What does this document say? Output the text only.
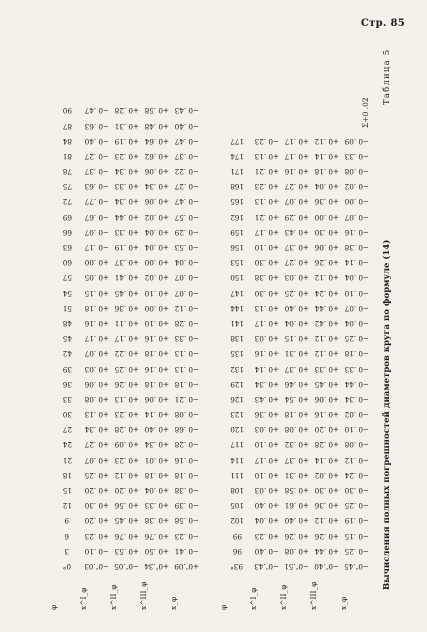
Стр. 85
Вычисления полных погрешностей диаметров круга по формуле (14)
Таблица 5
φ
0°
3
6
9
12
15
18
21
24
27
30
33
36
39
42
45
48
51
54
57
60
63
66
69
72
75
78
81
84
87
90
x^I_φ
−0″.03
−0 .10
+0 .23
+0 .20
+0 .30
+0 .20
+0 .25
+0 .07
+0 .27
+0 .34
+0 .13
+0 .08
+0 .06
+0 .03
+0 .07
+0 .17
+0 .16
+0 .18
+0 .15
+0 .05
+0 .00
−0 .17
−0 .07
−0 .67
−0 .77
−0 .63
−0 .37
−0 .27
−0 .40
−0 .63
−0 .47
x^II_φ
−0″.05
+0 .53
+0 .76
+0 .45
+0 .56
+0 .20
+0 .12
+0 .23
+0 .09
+0 .28
+0 .23
+0 .13
+0 .26
+0 .25
+0 .22
+0 .17
+0 .11
+0 .36
+0 .45
+0 .41
+0 .37
+0 .19
+0 .33
+0 .44
+0 .34
+0 .33
+0 .34
+0 .23
+0 .19
+0 .31
+0 .28
x^III_φ
+0″.34
+0 .50
+0 .76
+0 .38
+0 .33
+0 .04
+0 .18
+0 .01
+0 .34
+0 .40
+0 .14
+0 .06
+0 .18
+0 .16
+0 .18
+0 .16
+0 .10
+0 .00
+0 .10
+0 .02
+0 .00
+0 .04
+0 .04
+0 .02
+0 .06
+0 .34
+0 .06
+0 .62
+0 .64
+0 .48
+0 .58
x_φ
+0″.09
−0 .41
−0 .23
−0 .58
−0 .39
−0 .38
−0 .18
−0 .16
−0 .28
−0 .68
−0 .08
−0 .21
−0 .18
−0 .13
−0 .13
−0 .33
−0 .28
−0 .12
−0 .07
−0 .07
−0 .04
−0 .53
−0 .29
−0 .57
−0 .47
−0 .27
−0 .22
−0 .37
−0 .47
−0 .40
−0 .43
φ
93°
96
99
102
105
108
111
114
117
120
123
126
129
132
135
138
141
144
147
150
153
156
159
162
165
168
171
174
177
x^I_φ
−0″.43
−0 .40
+0 .23
+0 .04
+0 .40
+0 .03
+0 .10
+0 .17
+0 .10
+0 .03
+0 .36
+0 .43
+0 .34
+0 .14
+0 .16
+0 .03
+0 .17
+0 .13
+0 .30
+0 .38
+0 .30
+0 .10
+0 .17
+0 .21
+0 .13
+0 .23
+0 .21
+0 .13
−0 .23
x^II_φ
−0″.51
+0 .08
+0 .26
+0 .40
+0 .61
+0 .58
+0 .31
+0 .37
+0 .32
+0 .08
+0 .18
+0 .54
+0 .46
+0 .37
+0 .31
+0 .15
+0 .04
+0 .40
+0 .25
+0 .03
+0 .27
+0 .37
+0 .43
+0 .29
+0 .07
+0 .27
+0 .16
+0 .17
+0 .17
x^III_φ
−0″.40
+0 .44
+0 .26
+0 .12
+0 .36
+0 .30
+0 .02
+0 .14
+0 .28
+0 .20
+0 .16
+0 .06
+0 .45
+0 .33
+0 .12
+0 .12
+0 .42
+0 .44
+0 .24
+0 .12
+0 .26
+0 .06
+0 .30
+0 .00
+0 .36
+0 .04
+0 .18
+0 .14
+0 .12
x_φ
−0″.45
−0 .25
−0 .15
−0 .19
−0 .25
−0 .30
−0 .24
−0 .12
−0 .08
−0 .10
−0 .02
−0 .34
−0 .44
−0 .33
−0 .18
−0 .25
−0 .04
−0 .07
−0 .10
−0 .04
−0 .14
−0 .38
−0 .16
−0 .07
−0 .00
−0 .02
−0 .08
−0 .33
−0 .09
Σ+0 .02
